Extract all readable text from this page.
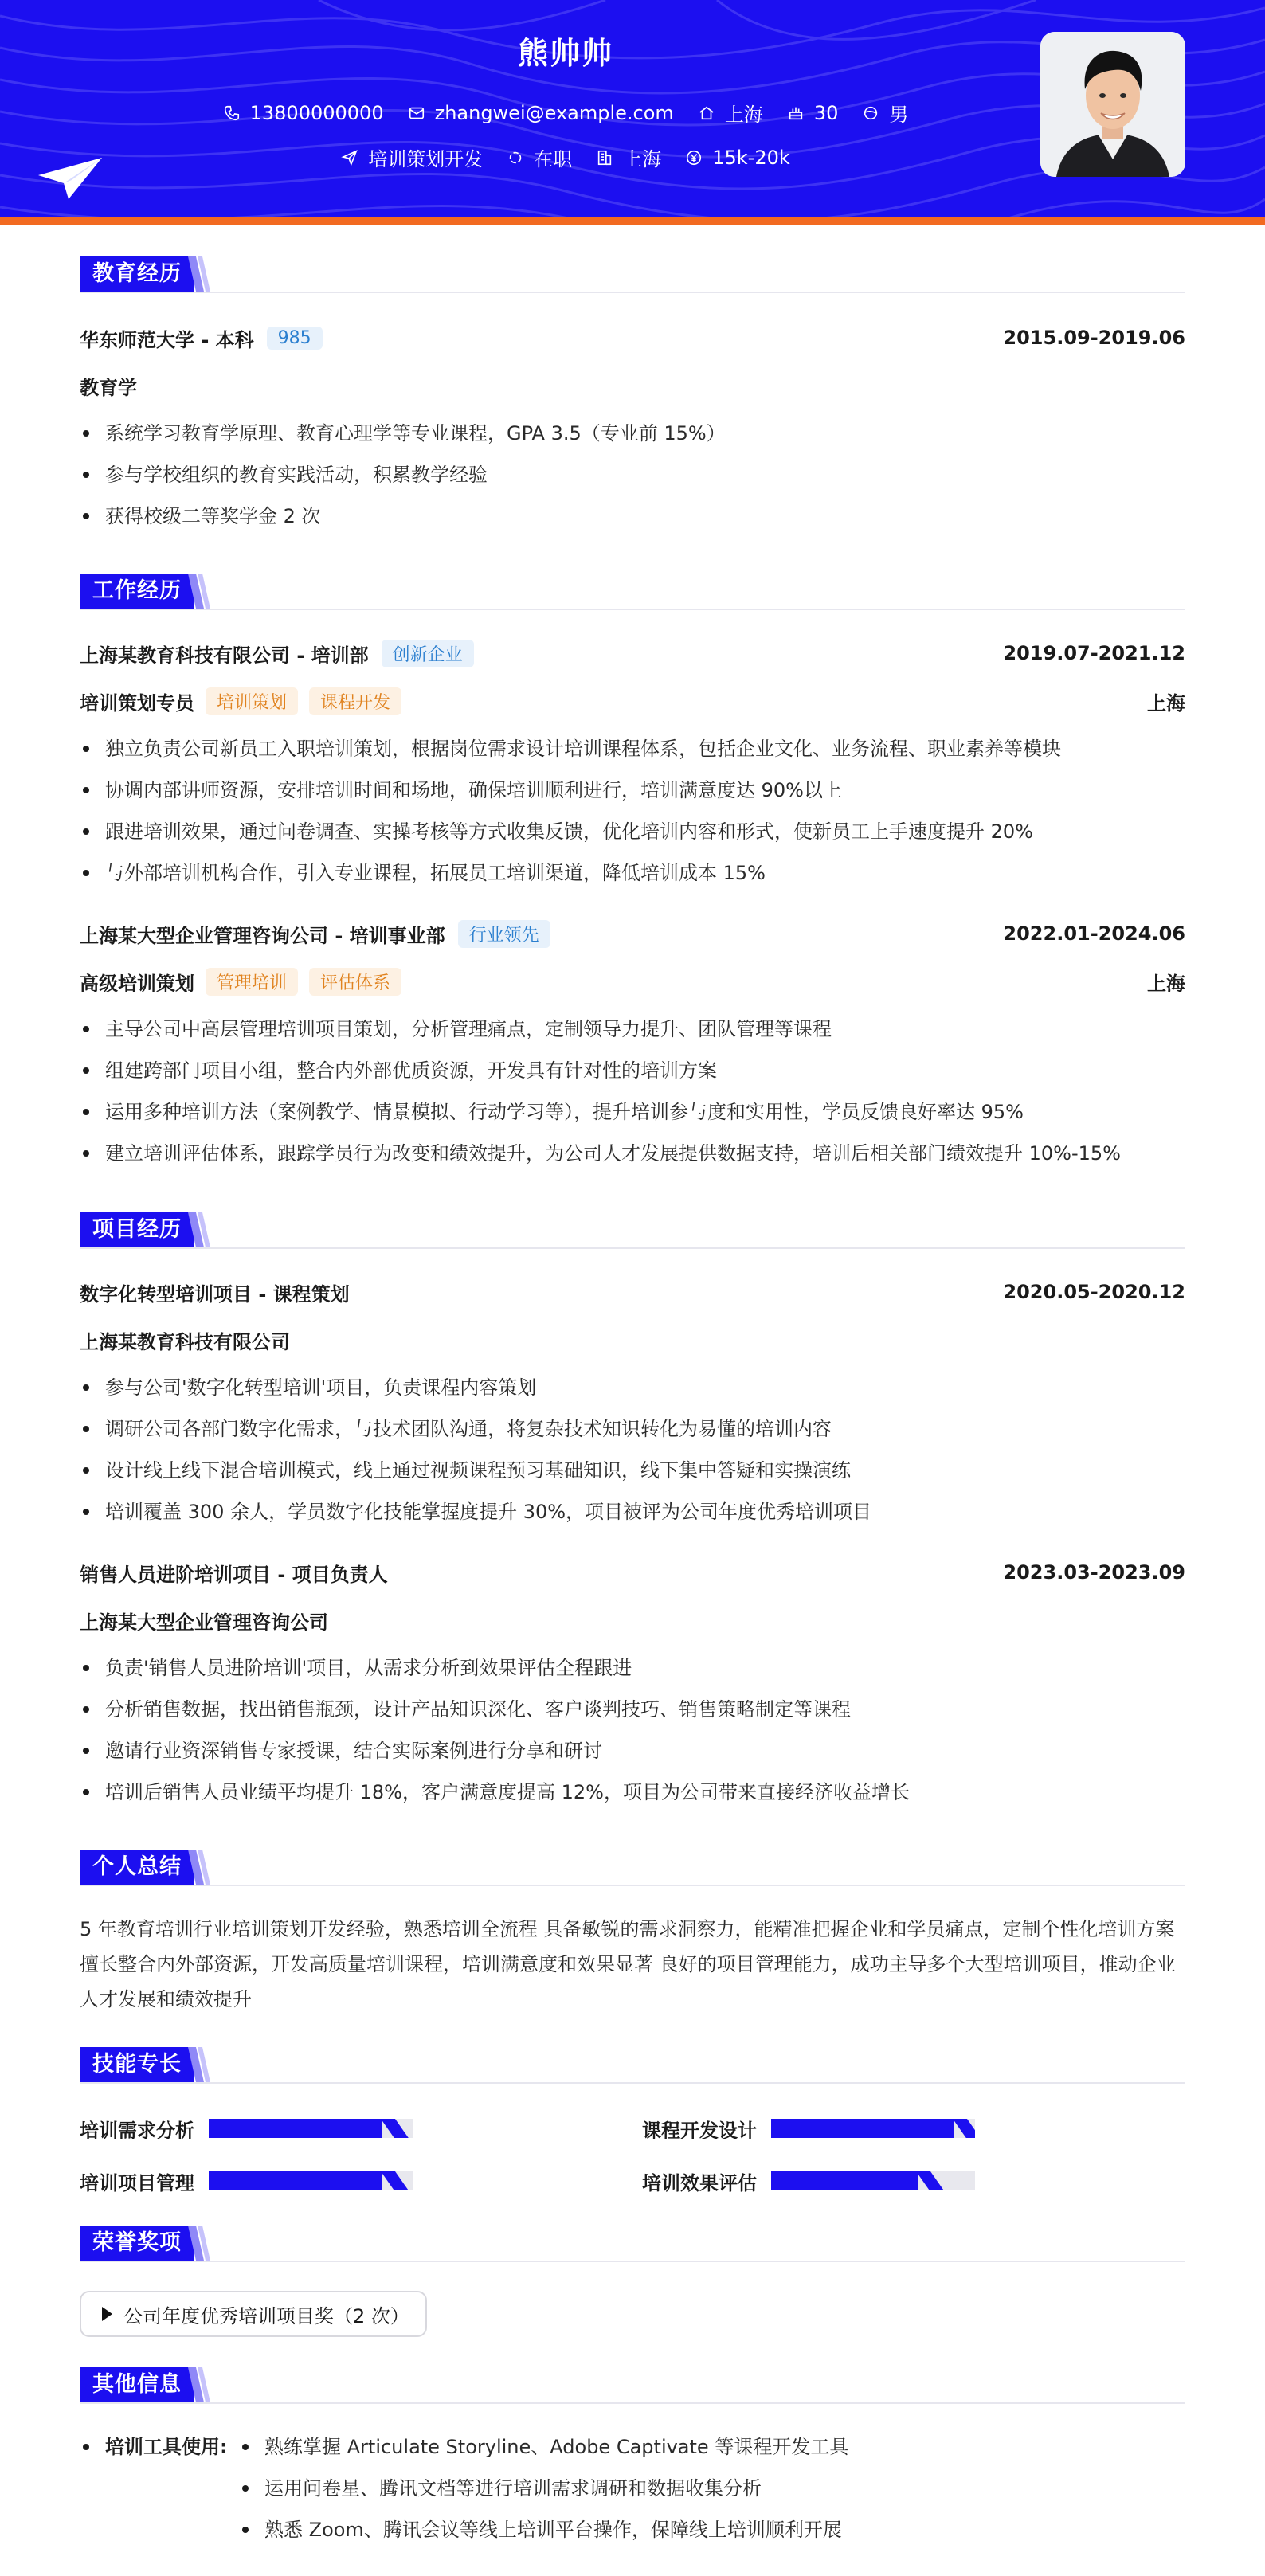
熊帅帅
13800000000	zhangwei@example.com	上海	30	男
培训策划开发	在职	上海	15k-20k
教育经历
华东师范大学 - 本科	985	2015.09-2019.06
教育学
系统学习教育学原理、教育心理学等专业课程，GPA 3.5（专业前 15%）
参与学校组织的教育实践活动，积累教学经验
获得校级二等奖学金 2 次
工作经历
上海某教育科技有限公司 - 培训部	创新企业	2019.07-2021.12
培训策划专员	培训策划	课程开发	上海
独立负责公司新员工入职培训策划，根据岗位需求设计培训课程体系，包括企业文化、业务流程、职业素养等模块
协调内部讲师资源，安排培训时间和场地，确保培训顺利进行，培训满意度达 90%以上
跟进培训效果，通过问卷调查、实操考核等方式收集反馈，优化培训内容和形式，使新员工上手速度提升 20%
与外部培训机构合作，引入专业课程，拓展员工培训渠道，降低培训成本 15%
上海某大型企业管理咨询公司 - 培训事业部	行业领先	2022.01-2024.06
高级培训策划	管理培训	评估体系	上海
主导公司中高层管理培训项目策划，分析管理痛点，定制领导力提升、团队管理等课程
组建跨部门项目小组，整合内外部优质资源，开发具有针对性的培训方案
运用多种培训方法（案例教学、情景模拟、行动学习等），提升培训参与度和实用性，学员反馈良好率达 95%
建立培训评估体系，跟踪学员行为改变和绩效提升，为公司人才发展提供数据支持，培训后相关部门绩效提升 10%-15%
项目经历
数字化转型培训项目 - 课程策划	2020.05-2020.12
上海某教育科技有限公司
参与公司'数字化转型培训'项目，负责课程内容策划
调研公司各部门数字化需求，与技术团队沟通，将复杂技术知识转化为易懂的培训内容
设计线上线下混合培训模式，线上通过视频课程预习基础知识，线下集中答疑和实操演练
培训覆盖 300 余人，学员数字化技能掌握度提升 30%，项目被评为公司年度优秀培训项目
销售人员进阶培训项目 - 项目负责人	2023.03-2023.09
上海某大型企业管理咨询公司
负责'销售人员进阶培训'项目，从需求分析到效果评估全程跟进
分析销售数据，找出销售瓶颈，设计产品知识深化、客户谈判技巧、销售策略制定等课程
邀请行业资深销售专家授课，结合实际案例进行分享和研讨
培训后销售人员业绩平均提升 18%，客户满意度提高 12%，项目为公司带来直接经济收益增长
个人总结
5 年教育培训行业培训策划开发经验，熟悉培训全流程 具备敏锐的需求洞察力，能精准把握企业和学员痛点，定制个性化培训方案
擅长整合内外部资源，开发高质量培训课程，培训满意度和效果显著 良好的项目管理能力，成功主导多个大型培训项目，推动企业
人才发展和绩效提升
技能专长
培训需求分析	课程开发设计
培训项目管理	培训效果评估
荣誉奖项
公司年度优秀培训项目奖（2 次）
其他信息
培训工具使用:	熟练掌握 Articulate Storyline、Adobe Captivate 等课程开发工具
运用问卷星、腾讯文档等进行培训需求调研和数据收集分析
熟悉 Zoom、腾讯会议等线上培训平台操作，保障线上培训顺利开展
